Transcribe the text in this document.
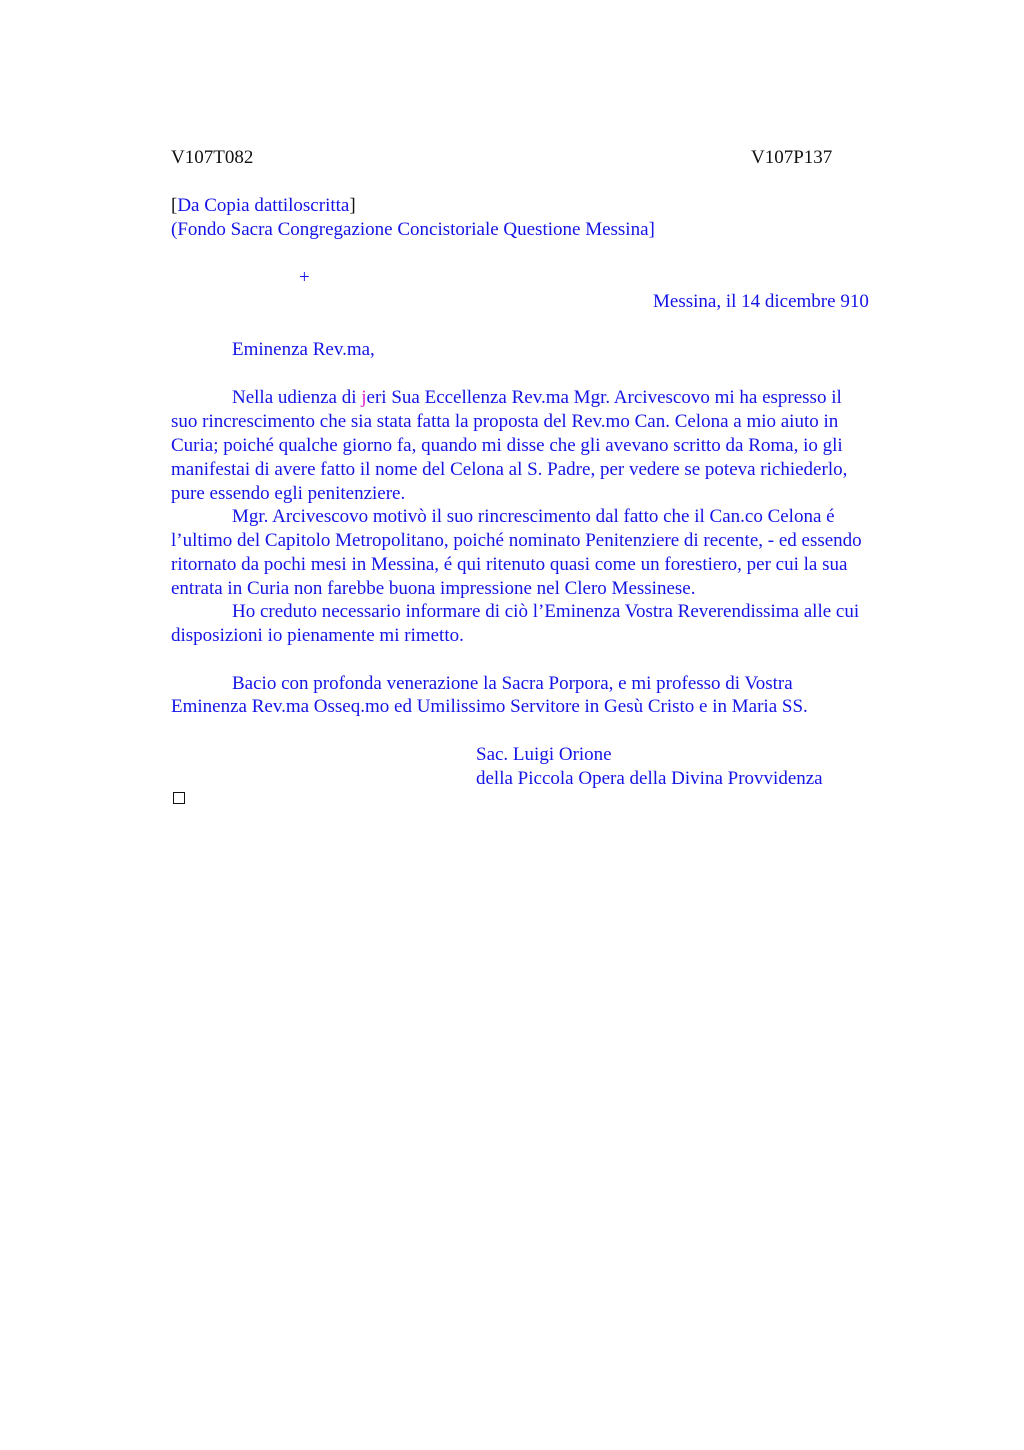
V107T082	V107P137
[Da Copia dattiloscritta]
(Fondo Sacra Congregazione Concistoriale Questione Messina]
+
Messina, il 14 dicembre 910
Eminenza Rev.ma,
Nella udienza di jeri Sua Eccellenza Rev.ma Mgr. Arcivescovo mi ha espresso il
suo rincrescimento che sia stata fatta la proposta del Rev.mo Can. Celona a mio aiuto in
Curia; poiché qualche giorno fa, quando mi disse che gli avevano scritto da Roma, io gli
manifestai di avere fatto il nome del Celona al S. Padre, per vedere se poteva richiederlo,
pure essendo egli penitenziere.
Mgr. Arcivescovo motivò il suo rincrescimento dal fatto che il Can.co Celona é
l’ultimo del Capitolo Metropolitano, poiché nominato Penitenziere di recente, - ed essendo
ritornato da pochi mesi in Messina, é qui ritenuto quasi come un forestiero, per cui la sua
entrata in Curia non farebbe buona impressione nel Clero Messinese.
Ho creduto necessario informare di ciò l’Eminenza Vostra Reverendissima alle cui
disposizioni io pienamente mi rimetto.
Bacio con profonda venerazione la Sacra Porpora, e mi professo di Vostra
Eminenza Rev.ma Osseq.mo ed Umilissimo Servitore in Gesù Cristo e in Maria SS.
Sac. Luigi Orione
della Piccola Opera della Divina Provvidenza
